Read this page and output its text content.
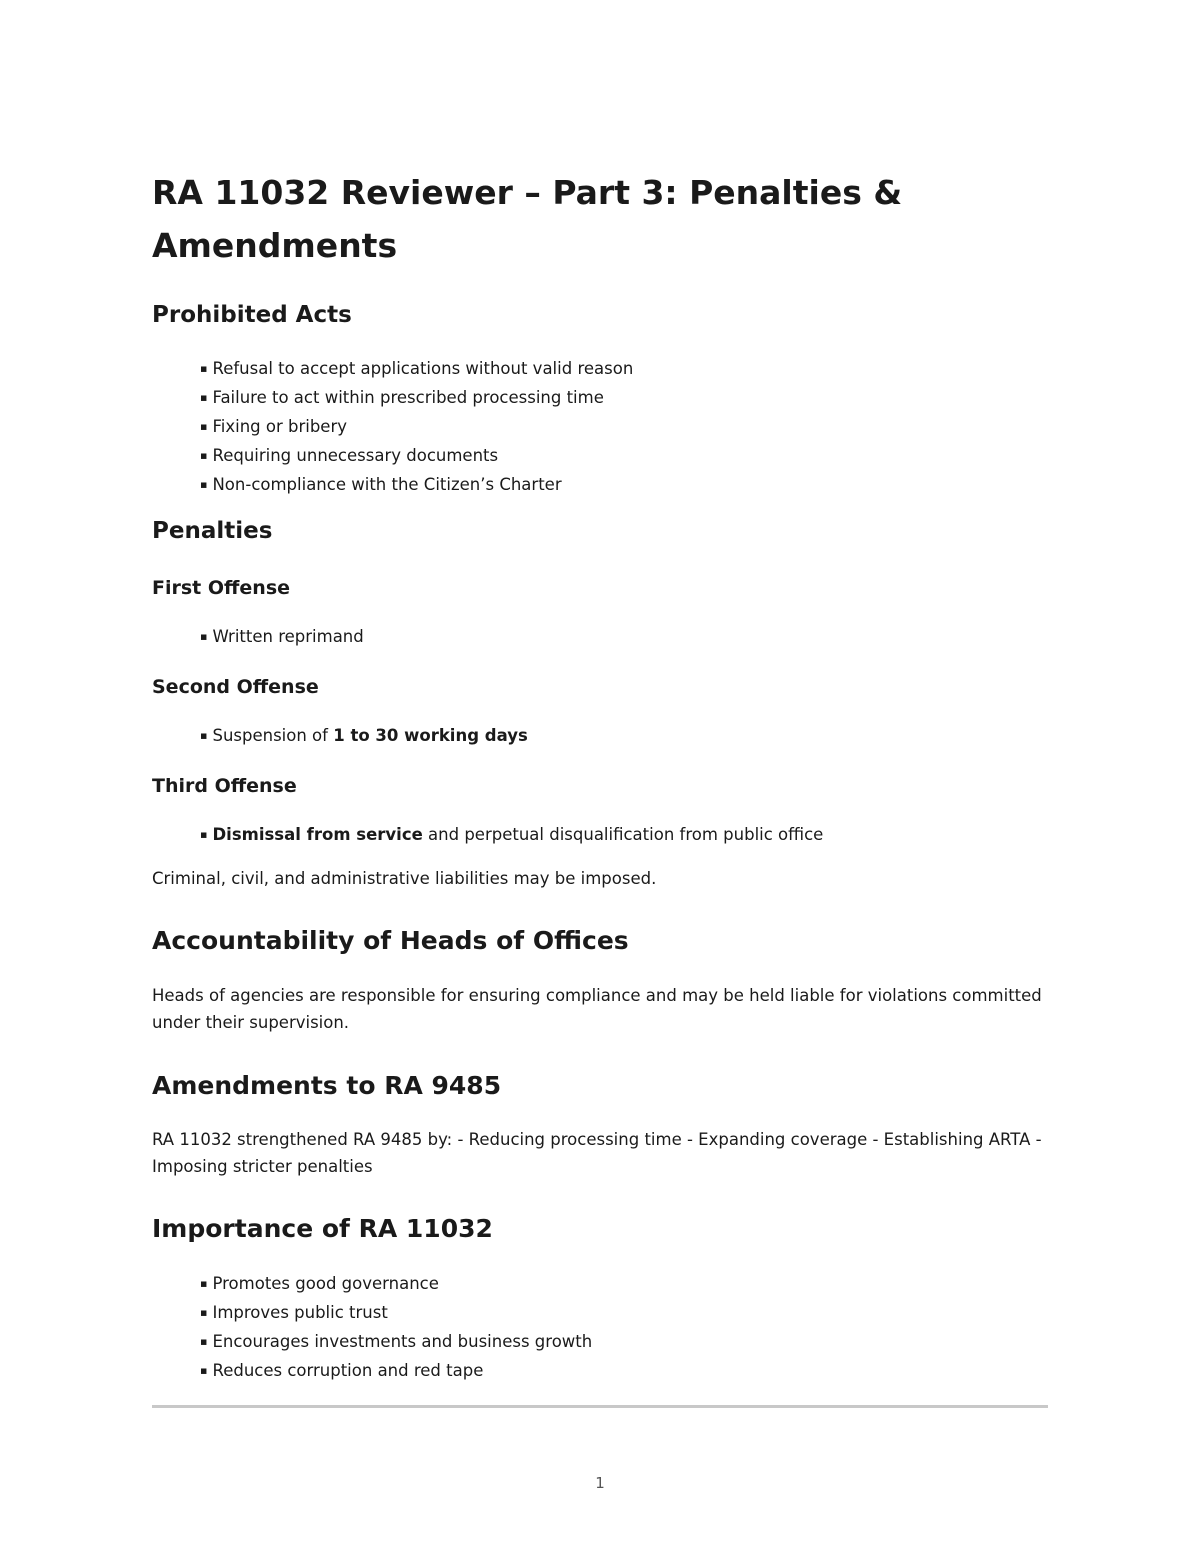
RA 11032 Reviewer – Part 3: Penalties & Amendments
Prohibited Acts
▪ Refusal to accept applications without valid reason
▪ Failure to act within prescribed processing time
▪ Fixing or bribery
▪ Requiring unnecessary documents
▪ Non-compliance with the Citizen’s Charter
Penalties
First Offense
▪ Written reprimand
Second Offense
▪ Suspension of 1 to 30 working days
Third Offense
▪ Dismissal from service and perpetual disqualification from public office

Criminal, civil, and administrative liabilities may be imposed.

Accountability of Heads of Offices

Heads of agencies are responsible for ensuring compliance and may be held liable for violations committed under their supervision.

Amendments to RA 9485

RA 11032 strengthened RA 9485 by: - Reducing processing time - Expanding coverage - Establishing ARTA - Imposing stricter penalties

Importance of RA 11032
▪ Promotes good governance
▪ Improves public trust
▪ Encourages investments and business growth
▪ Reduces corruption and red tape
1
